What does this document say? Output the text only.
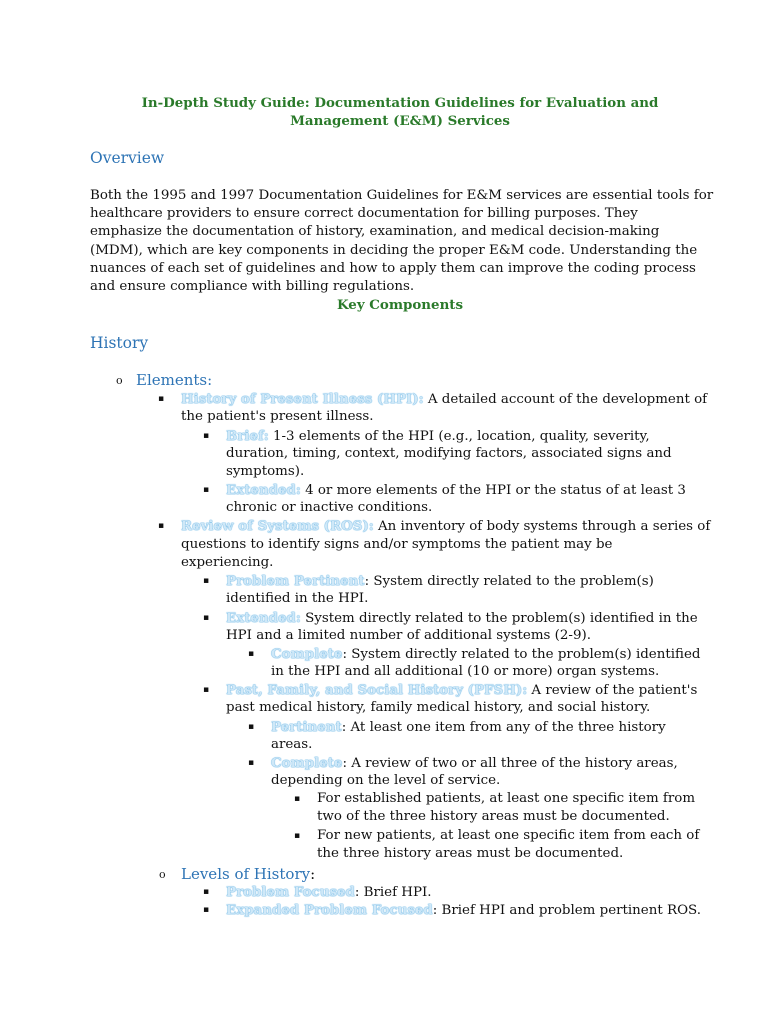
In-Depth Study Guide: Documentation Guidelines for Evaluation and
Management (E&M) Services
Overview
Both the 1995 and 1997 Documentation Guidelines for E&M services are essential tools for
healthcare providers to ensure correct documentation for billing purposes. They
emphasize the documentation of history, examination, and medical decision-making
(MDM), which are key components in deciding the proper E&M code. Understanding the
nuances of each set of guidelines and how to apply them can improve the coding process
and ensure compliance with billing regulations.
Key Components
History
o Elements:
▪ History of Present Illness (HPI): A detailed account of the development of
the patient's present illness.
▪ Brief: 1-3 elements of the HPI (e.g., location, quality, severity,
duration, timing, context, modifying factors, associated signs and
symptoms).
▪ Extended: 4 or more elements of the HPI or the status of at least 3
chronic or inactive conditions.
▪ Review of Systems (ROS): An inventory of body systems through a series of
questions to identify signs and/or symptoms the patient may be
experiencing.
▪ Problem Pertinent: System directly related to the problem(s)
identified in the HPI.
▪ Extended: System directly related to the problem(s) identified in the
HPI and a limited number of additional systems (2-9).
▪ Complete: System directly related to the problem(s) identified
in the HPI and all additional (10 or more) organ systems.
▪ Past, Family, and Social History (PFSH): A review of the patient's
past medical history, family medical history, and social history.
▪ Pertinent: At least one item from any of the three history
areas.
▪ Complete: A review of two or all three of the history areas,
depending on the level of service.
▪ For established patients, at least one specific item from
two of the three history areas must be documented.
▪ For new patients, at least one specific item from each of
the three history areas must be documented.
o Levels of History:
▪ Problem Focused: Brief HPI.
▪ Expanded Problem Focused: Brief HPI and problem pertinent ROS.
